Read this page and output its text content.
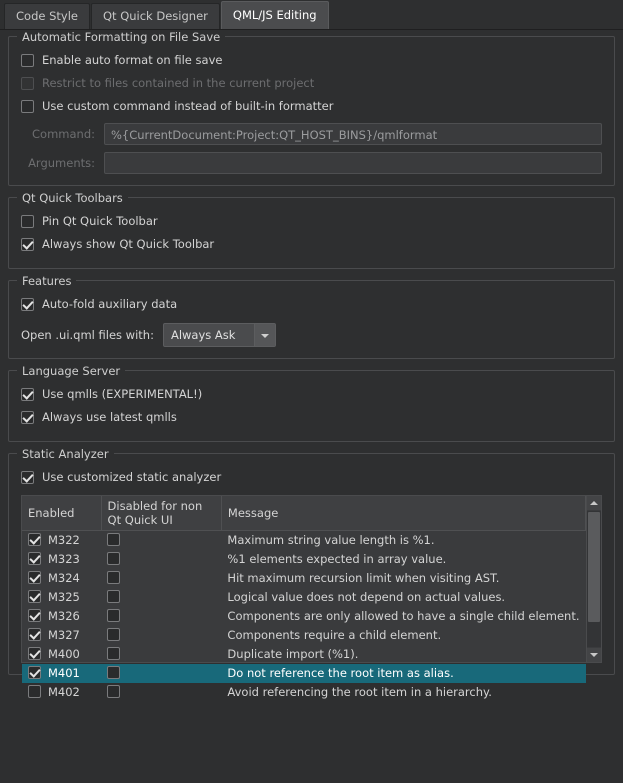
Code Style	Qt Quick Designer	QML/JS Editing
Automatic Formatting on File Save
Enable auto format on file save
Restrict to files contained in the current project
Use custom command instead of built-in formatter
Command:	%{CurrentDocument:Project:QT_HOST_BINS}/qmlformat
Arguments:
Qt Quick Toolbars
Pin Qt Quick Toolbar
Always show Qt Quick Toolbar
Features
Auto-fold auxiliary data
Open .ui.qml files with:	Always Ask
Language Server
Use qmlls (EXPERIMENTAL!)
Always use latest qmlls
Static Analyzer
Use customized static analyzer
Enabled	Disabled for non Qt Quick UI	Message
M322		Maximum string value length is %1.
M323		%1 elements expected in array value.
M324		Hit maximum recursion limit when visiting AST.
M325		Logical value does not depend on actual values.
M326		Components are only allowed to have a single child element.
M327		Components require a child element.
M400		Duplicate import (%1).
M401		Do not reference the root item as alias.
M402		Avoid referencing the root item in a hierarchy.
